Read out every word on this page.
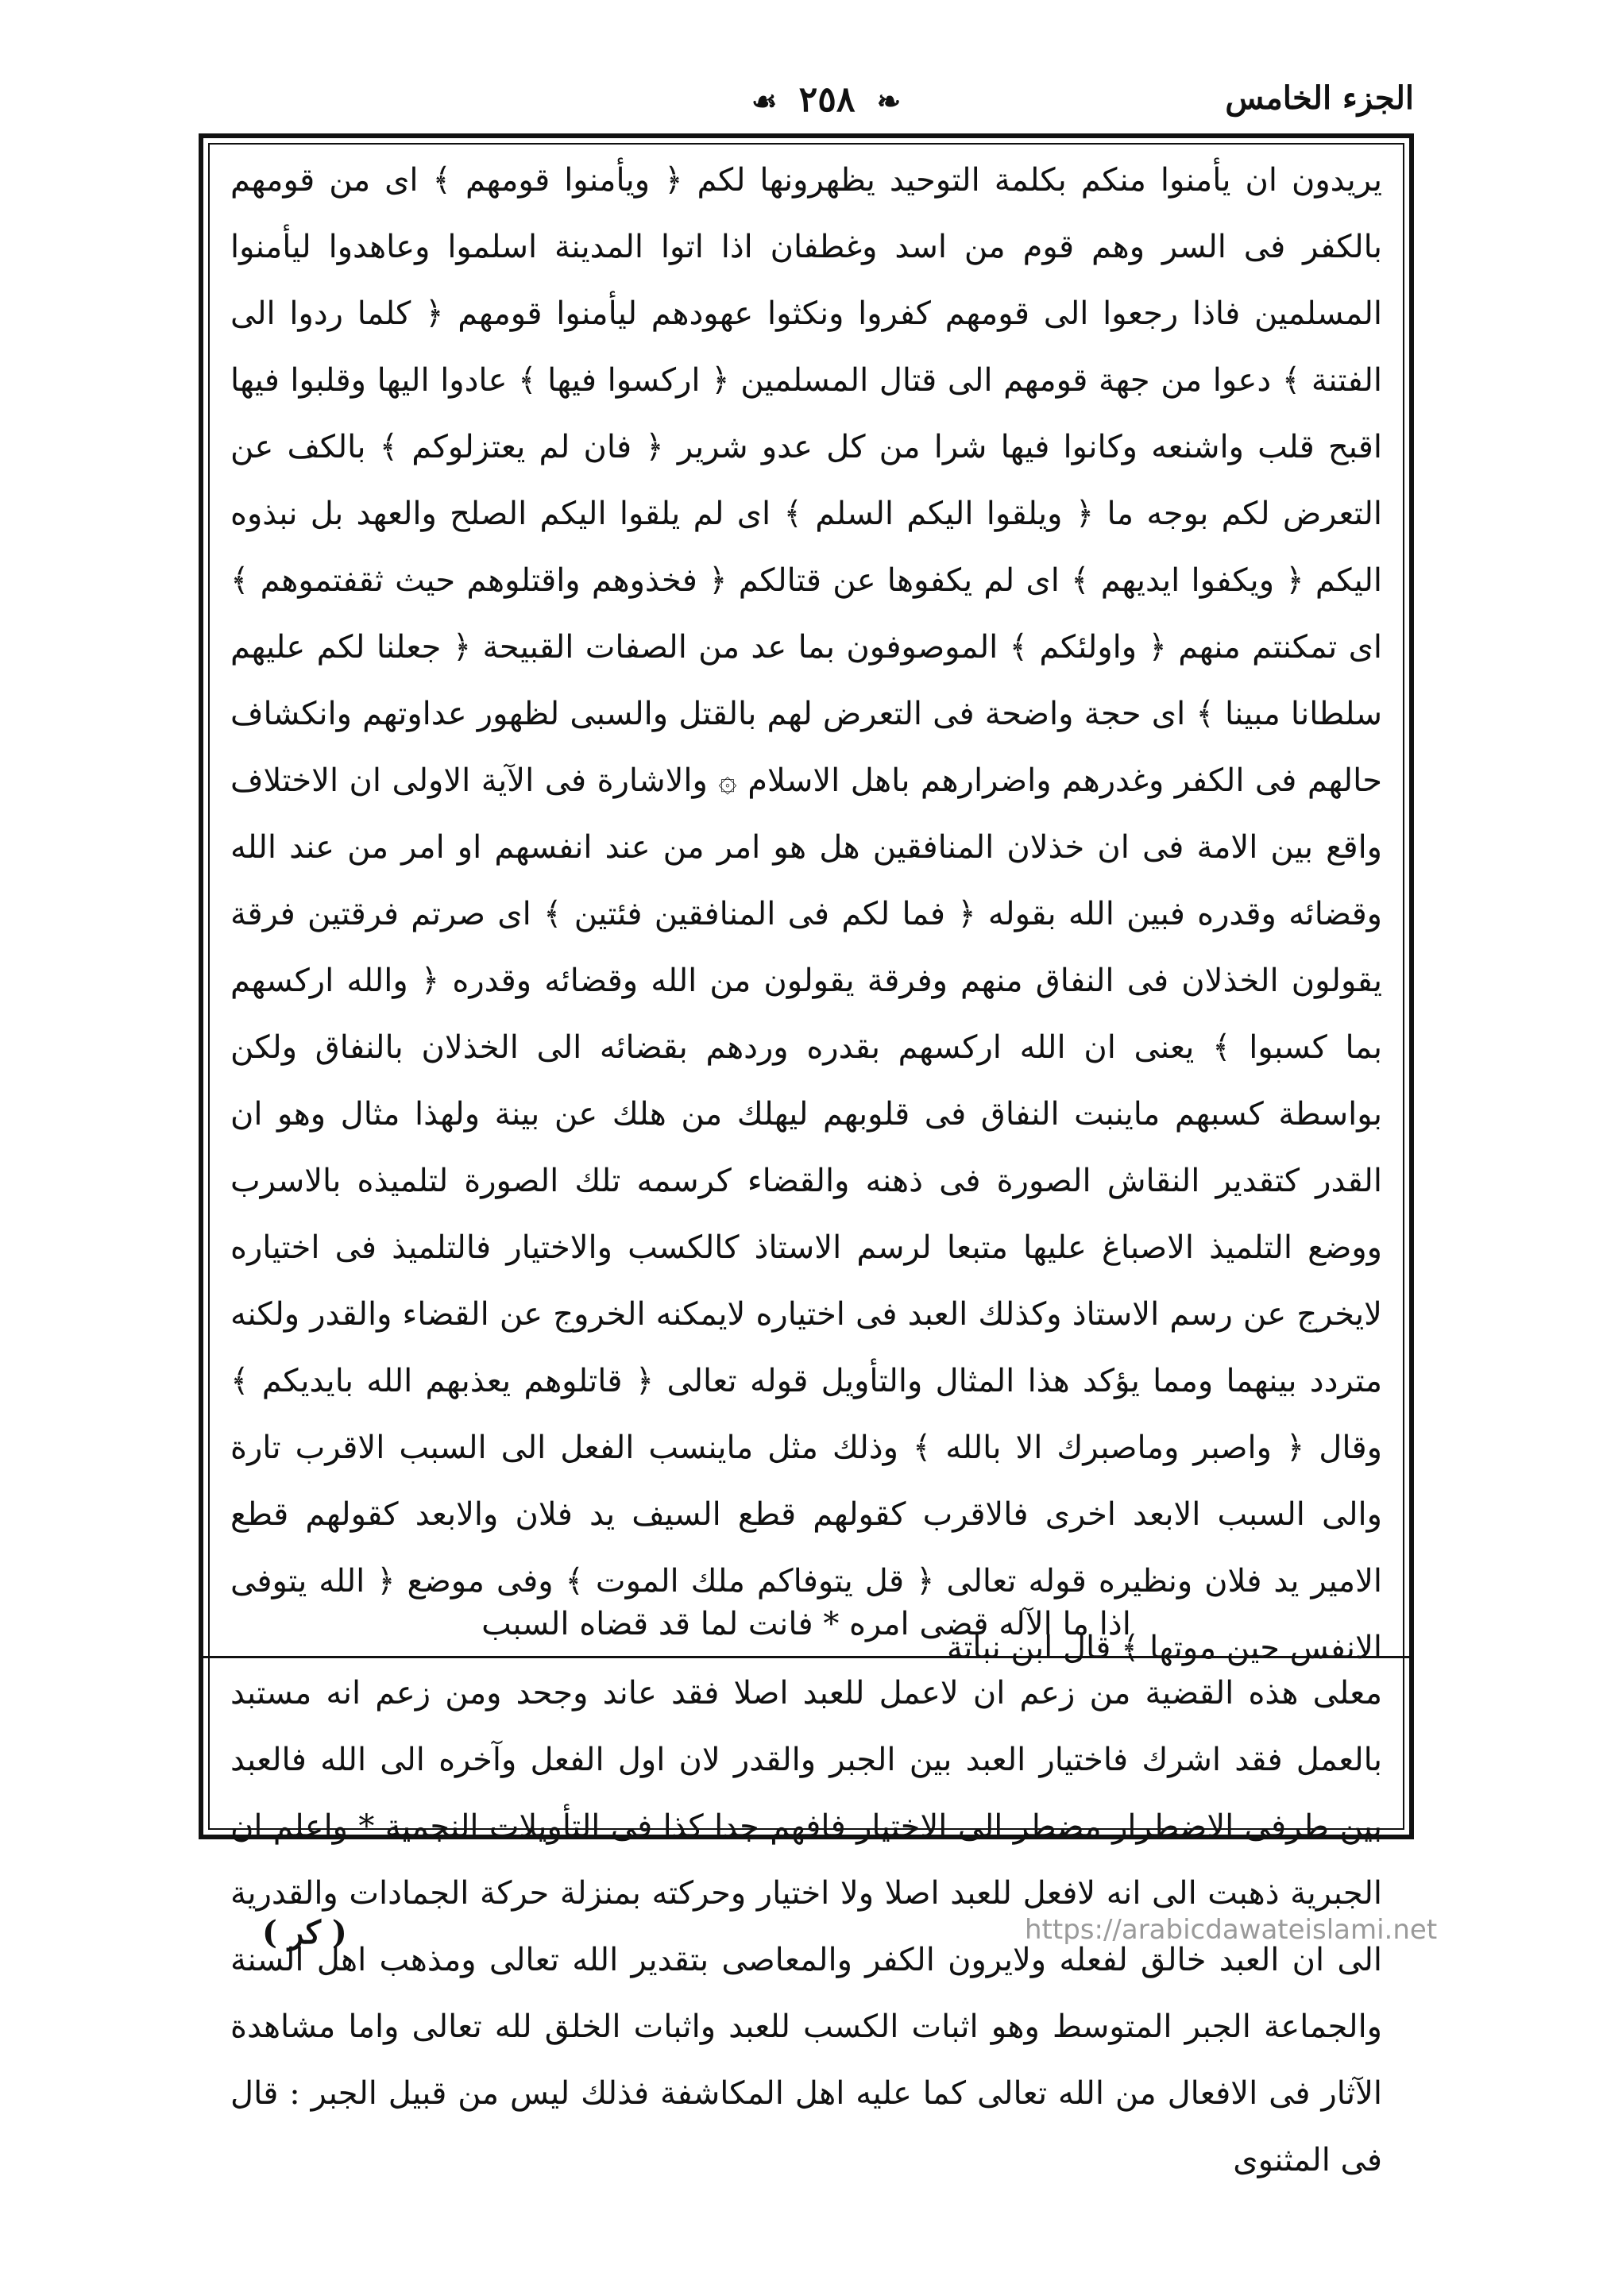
الجزء الخامس
❧ ٢٥٨ ☙
يريدون ان يأمنوا منكم بكلمة التوحيد يظهرونها لكم ﴿ ويأمنوا قومهم ﴾ اى من قومهم بالكفر فى السر وهم قوم من اسد وغطفان اذا اتوا المدينة اسلموا وعاهدوا ليأمنوا المسلمين فاذا رجعوا الى قومهم كفروا ونكثوا عهودهم ليأمنوا قومهم ﴿ كلما ردوا الى الفتنة ﴾ دعوا من جهة قومهم الى قتال المسلمين ﴿ اركسوا فيها ﴾ عادوا اليها وقلبوا فيها اقبح قلب واشنعه وكانوا فيها شرا من كل عدو شرير ﴿ فان لم يعتزلوكم ﴾ بالكف عن التعرض لكم بوجه ما ﴿ ويلقوا اليكم السلم ﴾ اى لم يلقوا اليكم الصلح والعهد بل نبذوه اليكم ﴿ ويكفوا ايديهم ﴾ اى لم يكفوها عن قتالكم ﴿ فخذوهم واقتلوهم حيث ثقفتموهم ﴾ اى تمكنتم منهم ﴿ واولئكم ﴾ الموصوفون بما عد من الصفات القبيحة ﴿ جعلنا لكم عليهم سلطانا مبينا ﴾ اى حجة واضحة فى التعرض لهم بالقتل والسبى لظهور عداوتهم وانكشاف حالهم فى الكفر وغدرهم واضرارهم باهل الاسلام ۞ والاشارة فى الآية الاولى ان الاختلاف واقع بين الامة فى ان خذلان المنافقين هل هو امر من عند انفسهم او امر من عند الله وقضائه وقدره فبين الله بقوله ﴿ فما لكم فى المنافقين فئتين ﴾ اى صرتم فرقتين فرقة يقولون الخذلان فى النفاق منهم وفرقة يقولون من الله وقضائه وقدره ﴿ والله اركسهم بما كسبوا ﴾ يعنى ان الله اركسهم بقدره وردهم بقضائه الى الخذلان بالنفاق ولكن بواسطة كسبهم ماينبت النفاق فى قلوبهم ليهلك من هلك عن بينة ولهذا مثال وهو ان القدر كتقدير النقاش الصورة فى ذهنه والقضاء كرسمه تلك الصورة لتلميذه بالاسرب ووضع التلميذ الاصباغ عليها متبعا لرسم الاستاذ كالكسب والاختيار فالتلميذ فى اختياره لايخرج عن رسم الاستاذ وكذلك العبد فى اختياره لايمكنه الخروج عن القضاء والقدر ولكنه متردد بينهما ومما يؤكد هذا المثال والتأويل قوله تعالى ﴿ قاتلوهم يعذبهم الله بايديكم ﴾ وقال ﴿ واصبر وماصبرك الا بالله ﴾ وذلك مثل ماينسب الفعل الى السبب الاقرب تارة والى السبب الابعد اخرى فالاقرب كقولهم قطع السيف يد فلان والابعد كقولهم قطع الامير يد فلان ونظيره قوله تعالى ﴿ قل يتوفاكم ملك الموت ﴾ وفى موضع ﴿ الله يتوفى الانفس حين موتها ﴾ قال ابن نباتة
اذا ما الآله قضى امره * فانت لما قد قضاه السبب
معلى هذه القضية من زعم ان لاعمل للعبد اصلا فقد عاند وجحد ومن زعم انه مستبد بالعمل فقد اشرك فاختيار العبد بين الجبر والقدر لان اول الفعل وآخره الى الله فالعبد بين طرفى الاضطرار مضطر الى الاختيار فافهم جدا كذا فى التأويلات النجمية * واعلم ان الجبرية ذهبت الى انه لافعل للعبد اصلا ولا اختيار وحركته بمنزلة حركة الجمادات والقدرية الى ان العبد خالق لفعله ولايرون الكفر والمعاصى بتقدير الله تعالى ومذهب اهل السنة والجماعة الجبر المتوسط وهو اثبات الكسب للعبد واثبات الخلق لله تعالى واما مشاهدة الآثار فى الافعال من الله تعالى كما عليه اهل المكاشفة فذلك ليس من قبيل الجبر : قال فى المثنوى
( كر )	https://arabicdawateislami.net
